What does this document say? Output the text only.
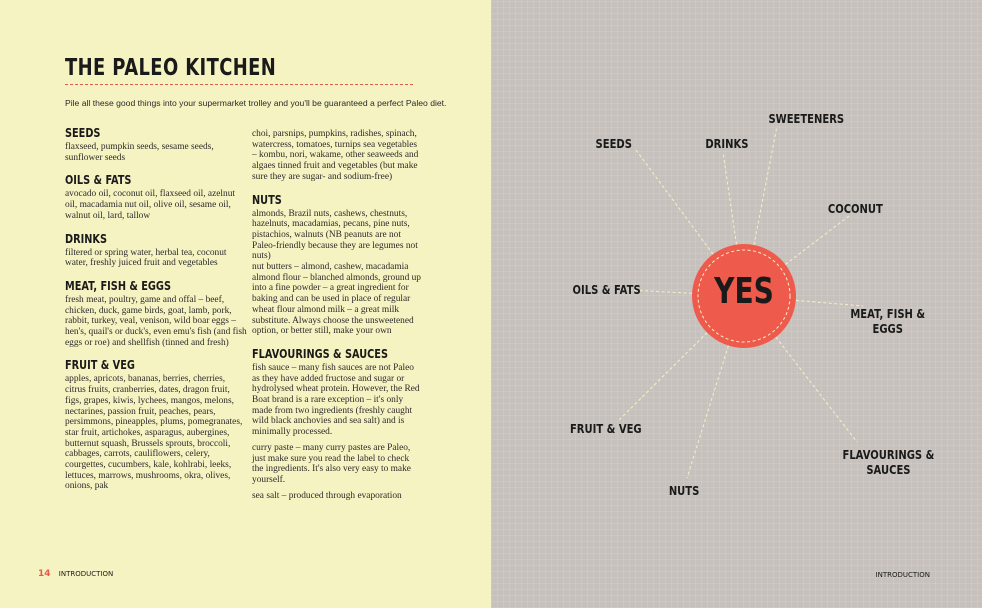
THE PALEO KITCHEN
Pile all these good things into your supermarket trolley and you'll be guaranteed a perfect Paleo diet.
SEEDS

flaxseed, pumpkin seeds, sesame seeds, sunflower seeds

OILS & FATS

avocado oil, coconut oil, flaxseed oil, azelnut oil, macadamia nut oil, olive oil, sesame oil, walnut oil, lard, tallow

DRINKS

filtered or spring water, herbal tea, coconut water, freshly juiced fruit and vegetables

MEAT, FISH & EGGS

fresh meat, poultry, game and offal – beef, chicken, duck, game birds, goat, lamb, pork, rabbit, turkey, veal, venison, wild boar eggs – hen's, quail's or duck's, even emu's fish (and fish eggs or roe) and shellfish (tinned and fresh)

FRUIT & VEG

apples, apricots, bananas, berries, cherries, citrus fruits, cranberries, dates, dragon fruit, figs, grapes, kiwis, lychees, mangos, melons, nectarines, passion fruit, peaches, pears, persimmons, pineapples, plums, pomegranates, star fruit, artichokes, asparagus, aubergines, butternut squash, Brussels sprouts, broccoli, cabbages, carrots, cauliflowers, celery, courgettes, cucumbers, kale, kohlrabi, leeks, lettuces, marrows, mushrooms, okra, olives, onions, pak

choi, parsnips, pumpkins, radishes, spinach, watercress, tomatoes, turnips sea vegetables – kombu, nori, wakame, other seaweeds and algaes tinned fruit and vegetables (but make sure they are sugar- and sodium-free)

NUTS

almonds, Brazil nuts, cashews, chestnuts, hazelnuts, macadamias, pecans, pine nuts, pistachios, walnuts (NB peanuts are not Paleo-friendly because they are legumes not nuts)

nut butters – almond, cashew, macadamia almond flour – blanched almonds, ground up into a fine powder – a great ingredient for baking and can be used in place of regular wheat flour almond milk – a great milk substitute. Always choose the unsweetened option, or better still, make your own

FLAVOURINGS & SAUCES

fish sauce – many fish sauces are not Paleo as they have added fructose and sugar or hydrolysed wheat protein. However, the Red Boat brand is a rare exception – it's only made from two ingredients (freshly caught wild black anchovies and sea salt) and is minimally processed.

curry paste – many curry pastes are Paleo, just make sure you read the label to check the ingredients. It's also very easy to make yourself.

sea salt – produced through evaporation

14 INTRODUCTION
YES
SEEDS	DRINKS
SWEETENERS
COCONUT
OILS & FATS
MEAT, FISH &
EGGS
FRUIT & VEG
NUTS
FLAVOURINGS &
SAUCES
INTRODUCTION
